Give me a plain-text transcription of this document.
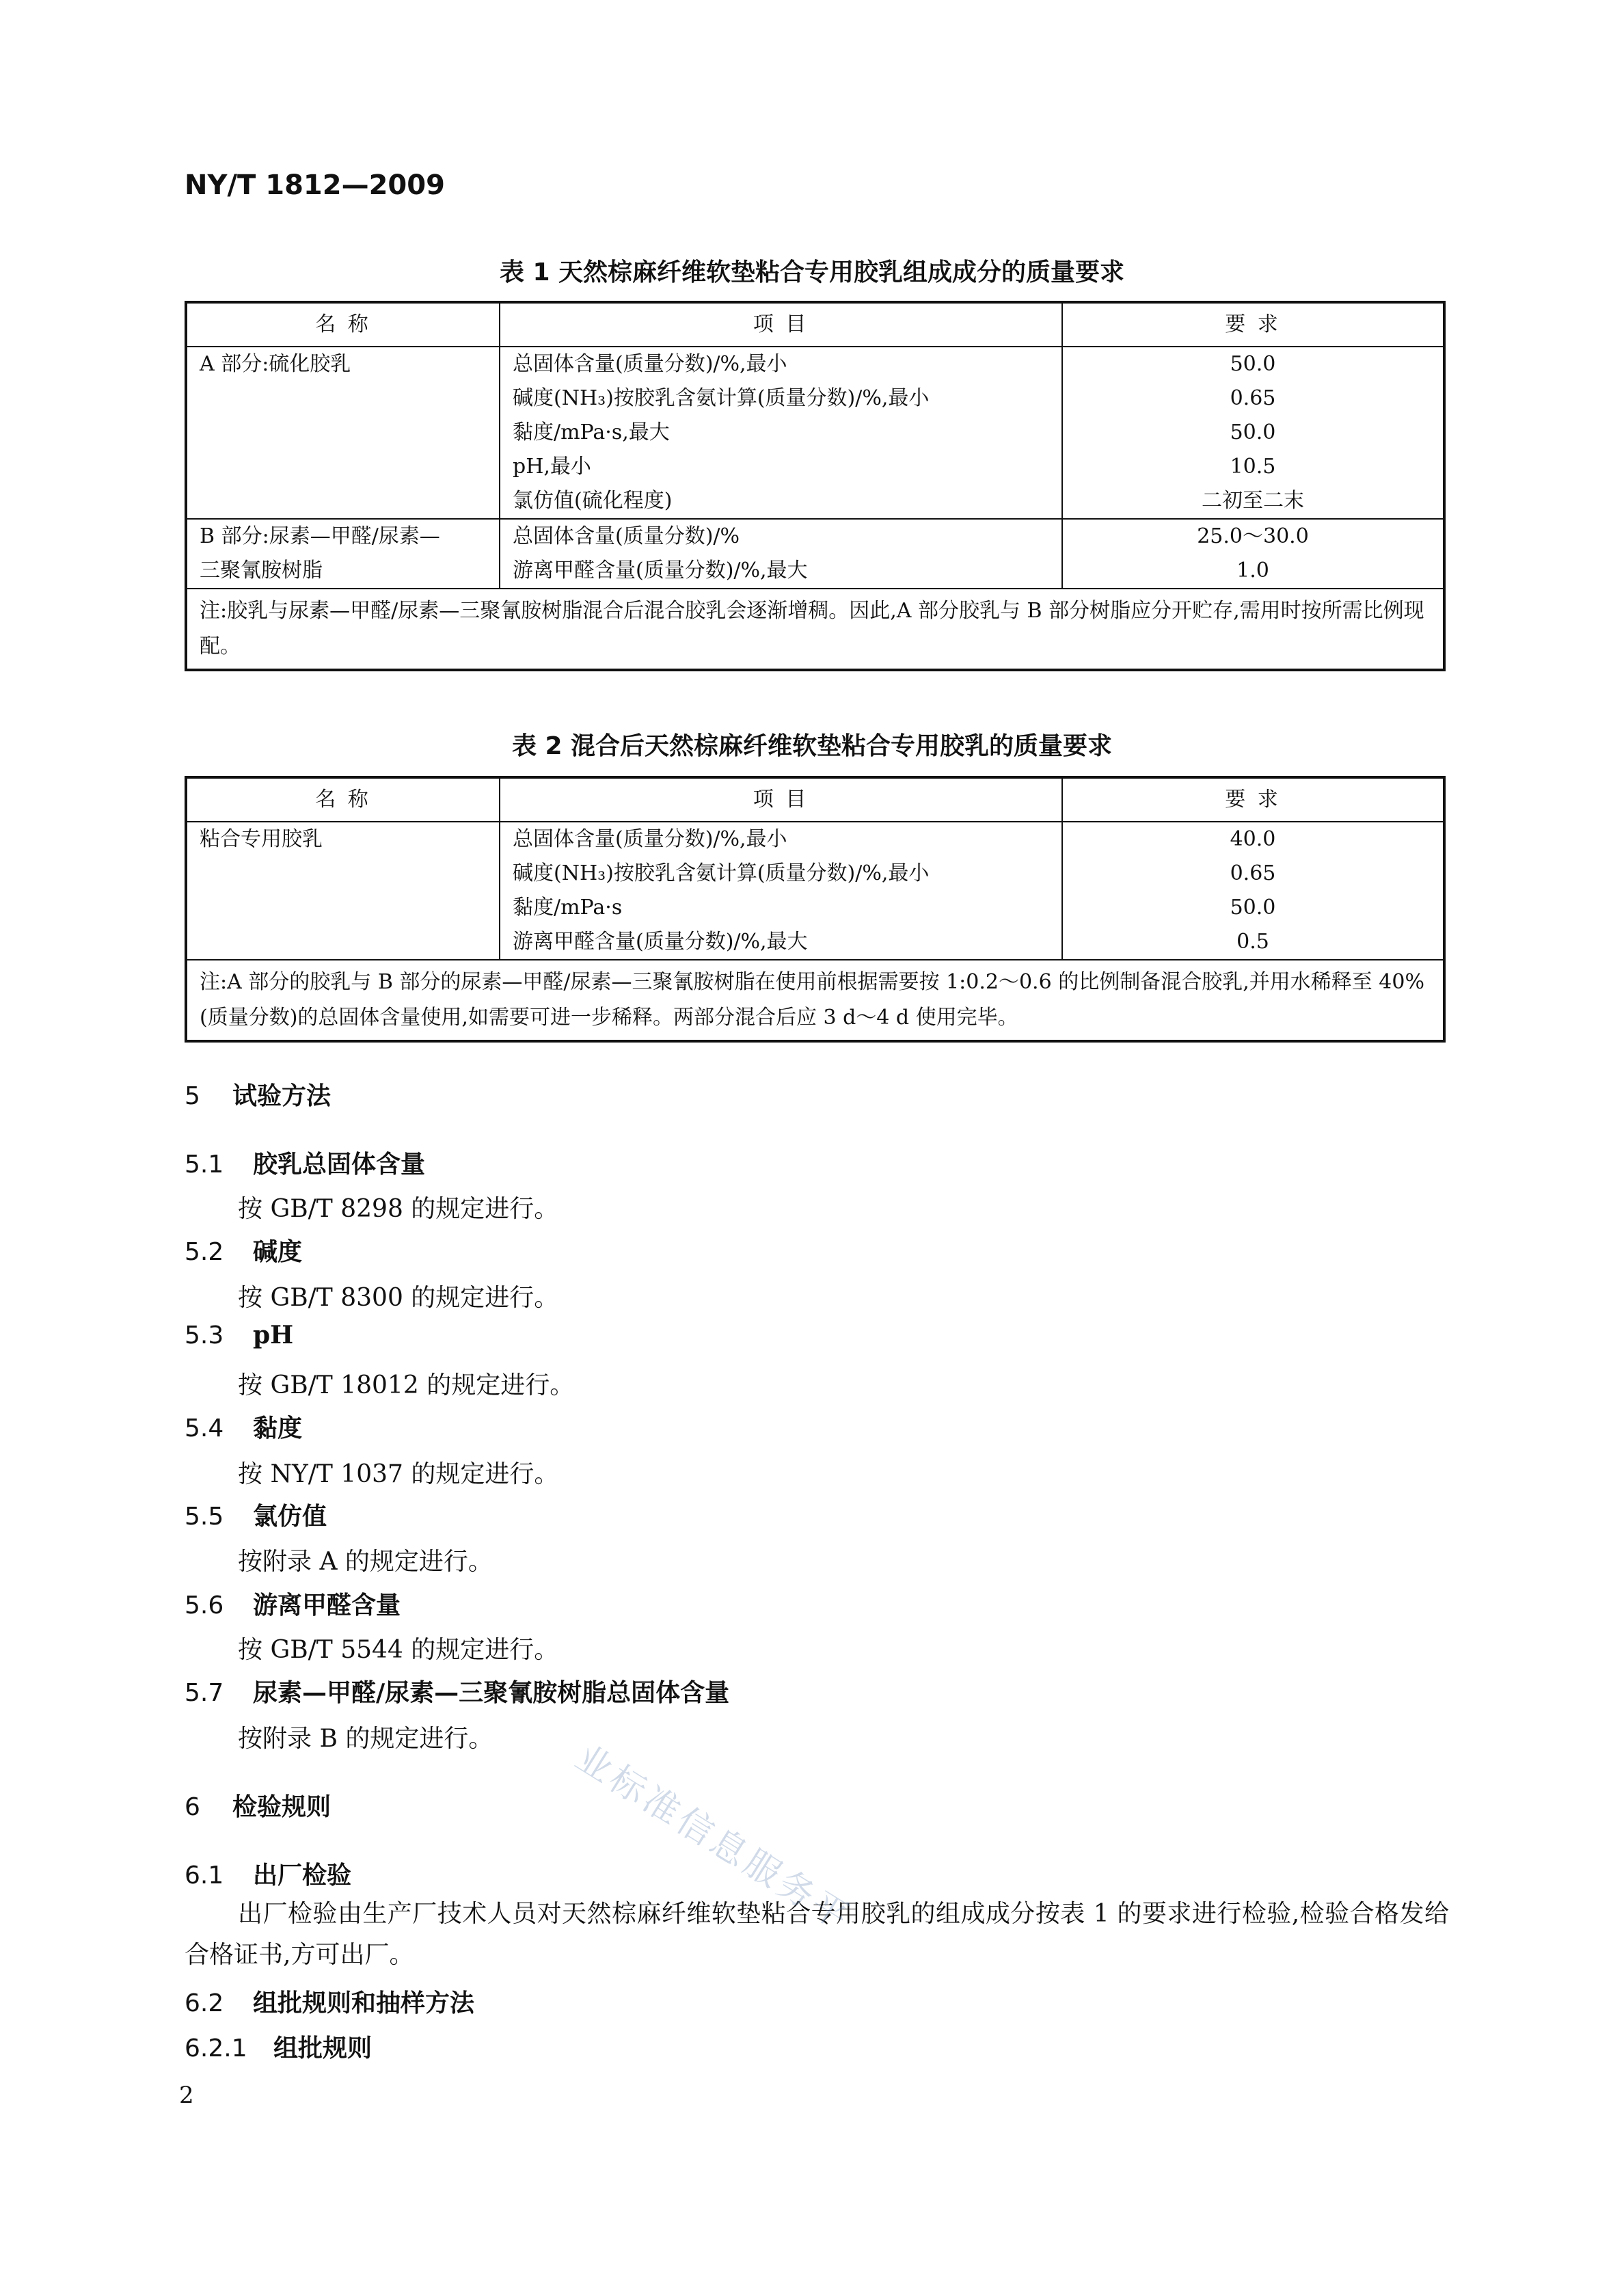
NY/T 1812—2009
表 1 天然棕麻纤维软垫粘合专用胶乳组成成分的质量要求
名 称	项 目	要 求
A 部分:硫化胶乳	总固体含量(质量分数)/%,最小	50.0
	碱度(NH₃)按胶乳含氨计算(质量分数)/%,最小	0.65
	黏度/mPa·s,最大	50.0
	pH,最小	10.5
	氯仿值(硫化程度)	二初至二末
B 部分:尿素—甲醛/尿素—	总固体含量(质量分数)/%	25.0～30.0
三聚氰胺树脂	游离甲醛含量(质量分数)/%,最大	1.0
注:胶乳与尿素—甲醛/尿素—三聚氰胺树脂混合后混合胶乳会逐渐增稠。因此,A 部分胶乳与 B 部分树脂应分开贮存,需用时按所需比例现配。		
表 2 混合后天然棕麻纤维软垫粘合专用胶乳的质量要求
名 称	项 目	要 求
粘合专用胶乳	总固体含量(质量分数)/%,最小	40.0
	碱度(NH₃)按胶乳含氨计算(质量分数)/%,最小	0.65
	黏度/mPa·s	50.0
	游离甲醛含量(质量分数)/%,最大	0.5
注:A 部分的胶乳与 B 部分的尿素—甲醛/尿素—三聚氰胺树脂在使用前根据需要按 1:0.2～0.6 的比例制备混合胶乳,并用水稀释至 40%(质量分数)的总固体含量使用,如需要可进一步稀释。两部分混合后应 3 d～4 d 使用完毕。		
5 试验方法
5.1 胶乳总固体含量
按 GB/T 8298 的规定进行。
5.2 碱度
按 GB/T 8300 的规定进行。
5.3 pH
按 GB/T 18012 的规定进行。
5.4 黏度
按 NY/T 1037 的规定进行。
5.5 氯仿值
按附录 A 的规定进行。
5.6 游离甲醛含量
按 GB/T 5544 的规定进行。
5.7 尿素—甲醛/尿素—三聚氰胺树脂总固体含量
按附录 B 的规定进行。
6 检验规则
6.1 出厂检验
出厂检验由生产厂技术人员对天然棕麻纤维软垫粘合专用胶乳的组成成分按表 1 的要求进行检验,检验合格发给合格证书,方可出厂。
6.2 组批规则和抽样方法
6.2.1 组批规则
2
业标准信息服务平
